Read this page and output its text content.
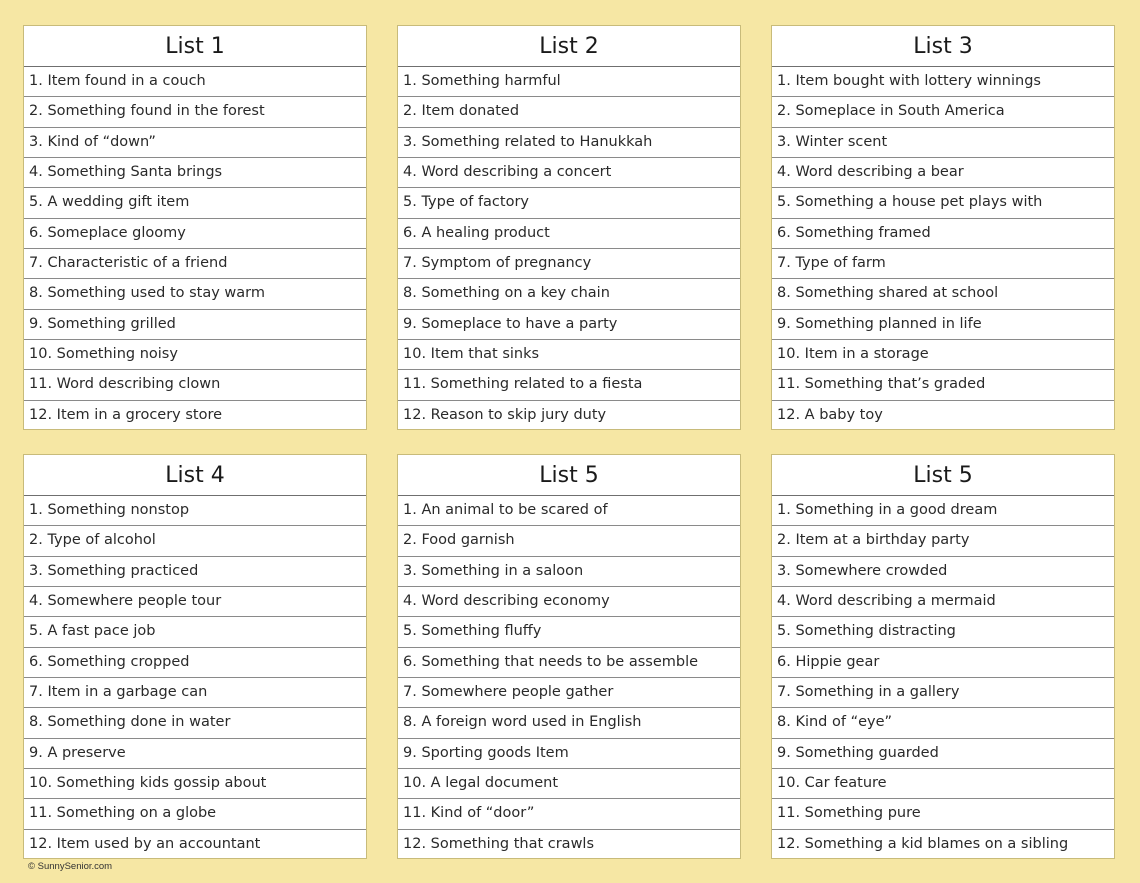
List 1
1. Item found in a couch
2. Something found in the forest
3. Kind of “down”
4. Something Santa brings
5. A wedding gift item
6. Someplace gloomy
7. Characteristic of a friend
8. Something used to stay warm
9. Something grilled
10. Something noisy
11. Word describing clown
12. Item in a grocery store
List 2
1. Something harmful
2. Item donated
3. Something related to Hanukkah
4. Word describing a concert
5. Type of factory
6. A healing product
7. Symptom of pregnancy
8. Something on a key chain
9. Someplace to have a party
10. Item that sinks
11. Something related to a fiesta
12. Reason to skip jury duty
List 3
1. Item bought with lottery winnings
2. Someplace in South America
3. Winter scent
4. Word describing a bear
5. Something a house pet plays with
6. Something framed
7. Type of farm
8. Something shared at school
9. Something planned in life
10. Item in a storage
11. Something that’s graded
12. A baby toy
List 4
1. Something nonstop
2. Type of alcohol
3. Something practiced
4. Somewhere people tour
5. A fast pace job
6. Something cropped
7. Item in a garbage can
8. Something done in water
9. A preserve
10. Something kids gossip about
11. Something on a globe
12. Item used by an accountant
List 5
1. An animal to be scared of
2. Food garnish
3. Something in a saloon
4. Word describing economy
5. Something fluffy
6. Something that needs to be assemble
7. Somewhere people gather
8. A foreign word used in English
9. Sporting goods Item
10. A legal document
11. Kind of “door”
12. Something that crawls
List 5
1. Something in a good dream
2. Item at a birthday party
3. Somewhere crowded
4. Word describing a mermaid
5. Something distracting
6. Hippie gear
7. Something in a gallery
8. Kind of “eye”
9. Something guarded
10. Car feature
11. Something pure
12. Something a kid blames on a sibling
© SunnySenior.com
